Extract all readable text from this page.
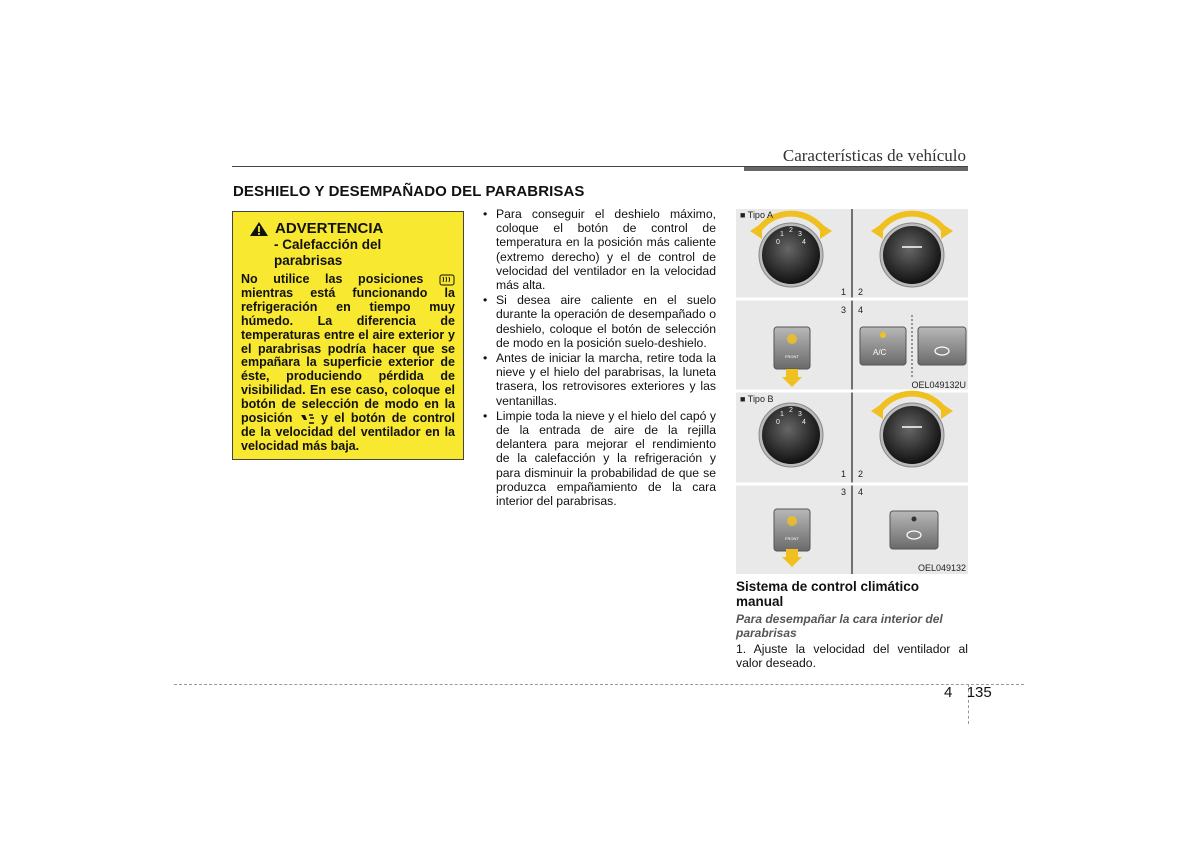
Características de vehículo
DESHIELO Y DESEMPAÑADO DEL PARABRISAS
ADVERTENCIA
- Calefacción del parabrisas
No utilice las posiciones  mientras está funcionando la refrigeración en tiempo muy húmedo. La diferencia de temperaturas entre el aire exterior y el parabrisas podría hacer que se empañara la superficie exterior de éste, produciendo pérdida de visibilidad. En ese caso, coloque el botón de selección de modo en la posición y el botón de control de la velocidad del ventilador en la velocidad más baja.
• Para conseguir el deshielo máximo, coloque el botón de control de temperatura en la posición más caliente (extremo derecho) y el de control de velocidad del ventilador en la velocidad más alta.
• Si desea aire caliente en el suelo durante la operación de desempañado o deshielo, coloque el botón de selección de modo en la posición suelo-deshielo.
• Antes de iniciar la marcha, retire toda la nieve y el hielo del parabrisas, la luneta trasera, los retrovisores exteriores y las ventanillas.
• Limpie toda la nieve y el hielo del capó y de la entrada de aire de la rejilla delantera para mejorar el rendimiento de la calefacción y la refrigeración y para disminuir la probabilidad de que se produzca empañamiento de la cara interior del parabrisas.
■ Tipo A
■ Tipo B
0
1
2
3
4
0
1
2
3
4
1 2
3 4
1 2
3 4
A/C
FRONT
FRONT
OEL049132U
OEL049132
Sistema de control climático manual
Para desempañar la cara interior del parabrisas
1. Ajuste la velocidad del ventilador al valor deseado.
4 135
